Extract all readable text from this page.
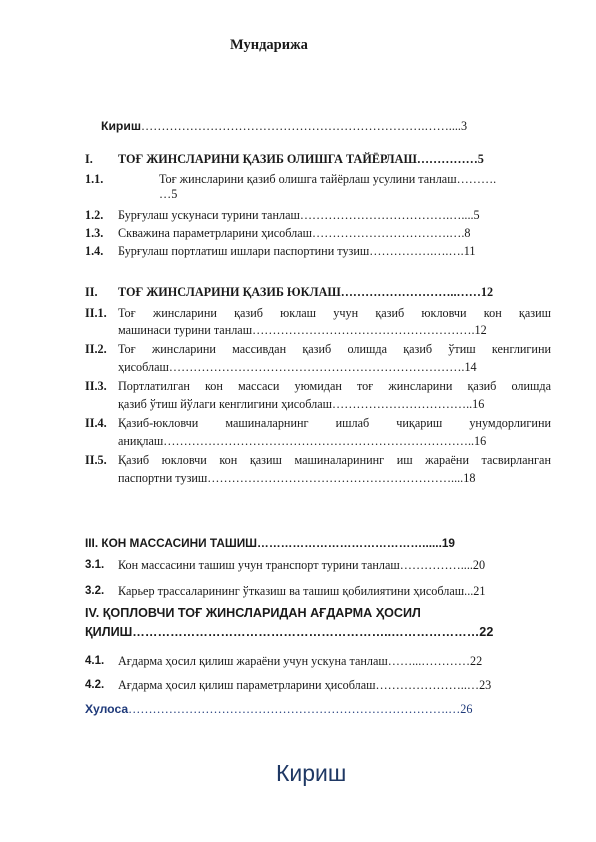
Мундарижа
Кириш…………………………………………………………….……....3
I. ТОҒ ЖИНСЛАРИНИ ҚАЗИБ ОЛИШГА ТАЙЁРЛАШ……………5
1.1.	Тоғ жинсларини қазиб олишга тайёрлаш усулини танлаш……….
…5
1.2. Бурғулаш ускунаси турини танлаш……………………………….…....5
1.3. Скважина параметрларини ҳисоблаш…………………………….….8
1.4. Бурғулаш портлатиш ишлари паспортини тузиш…………….….….11
II. ТОҒ ЖИНСЛАРИНИ ҚАЗИБ ЮКЛАШ………………………..……12
II.1. Тоғ жинсларини қазиб юклаш учун қазиб юкловчи кон қазиш
машинаси турини танлаш……………………………………………….12
II.2. Тоғ жинсларини массивдан қазиб олишда қазиб ўтиш кенглигини
ҳисоблаш……………………………………………………………….14
II.3. Портлатилган кон массаси уюмидан тоғ жинсларини қазиб олишда
қазиб ўтиш йўлаги кенглигини ҳисоблаш……………………………..16
II.4. Қазиб-юкловчи машиналарнинг ишлаб чиқариш унумдорлигини
аниқлаш…………………………………………………………………..16
II.5. Қазиб юкловчи кон қазиш машиналарининг иш жараёни тасвирланган
паспортни тузиш……………………………………………………....18
III. КОН МАССАСИНИ ТАШИШ……………………………………......19
3.1. Кон массасини ташиш учун транспорт турини танлаш……………....20
3.2. Карьер трассаларининг ўтказиш ва ташиш қобилиятини ҳисоблаш...21
IV. ҚОПЛОВЧИ ТОҒ ЖИНСЛАРИДАН АҒДАРМА ҲОСИЛ
ҚИЛИШ……………………………………………………..…………………22
4.1. Ағдарма ҳосил қилиш жараёни учун ускуна танлаш……...…………22
4.2. Ағдарма ҳосил қилиш параметрларини ҳисоблаш…………………..…23
Хулоса…………………………………………………………………….…26
Кириш
